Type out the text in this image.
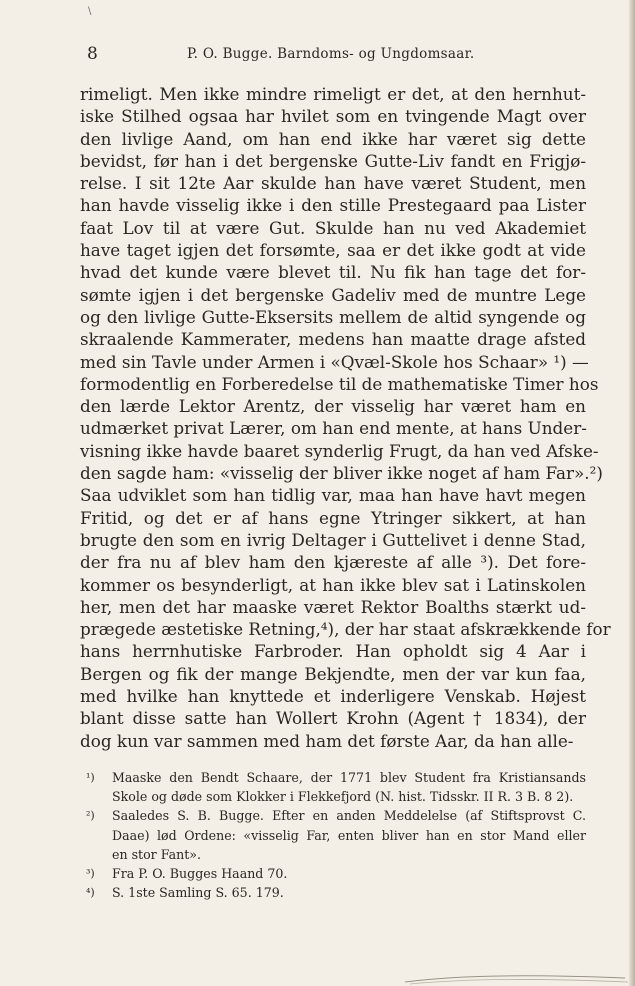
\
8	P. O. Bugge. Barndoms- og Ungdomsaar.
rimeligt. Men ikke mindre rimeligt er det, at den hernhut-
iske Stilhed ogsaa har hvilet som en tvingende Magt over
den livlige Aand, om han end ikke har været sig dette
bevidst, før han i det bergenske Gutte-Liv fandt en Frigjø-
relse. I sit 12te Aar skulde han have været Student, men
han havde visselig ikke i den stille Prestegaard paa Lister
faat Lov til at være Gut. Skulde han nu ved Akademiet
have taget igjen det forsømte, saa er det ikke godt at vide
hvad det kunde være blevet til. Nu fik han tage det for-
sømte igjen i det bergenske Gadeliv med de muntre Lege
og den livlige Gutte-Eksersits mellem de altid syngende og
skraalende Kammerater, medens han maatte drage afsted
med sin Tavle under Armen i «Qvæl-Skole hos Schaar» ¹) —
formodentlig en Forberedelse til de mathematiske Timer hos
den lærde Lektor Arentz, der visselig har været ham en
udmærket privat Lærer, om han end mente, at hans Under-
visning ikke havde baaret synderlig Frugt, da han ved Afske-
den sagde ham: «visselig der bliver ikke noget af ham Far».²)
Saa udviklet som han tidlig var, maa han have havt megen
Fritid, og det er af hans egne Ytringer sikkert, at han
brugte den som en ivrig Deltager i Guttelivet i denne Stad,
der fra nu af blev ham den kjæreste af alle ³). Det fore-
kommer os besynderligt, at han ikke blev sat i Latinskolen
her, men det har maaske været Rektor Boalths stærkt ud-
prægede æstetiske Retning,⁴), der har staat afskrækkende for
hans herrnhutiske Farbroder. Han opholdt sig 4 Aar i
Bergen og fik der mange Bekjendte, men der var kun faa,
med hvilke han knyttede et inderligere Venskab. Højest
blant disse satte han Wollert Krohn (Agent † 1834), der
dog kun var sammen med ham det første Aar, da han alle-
¹) Maaske den Bendt Schaare, der 1771 blev Student fra Kristiansands
Skole og døde som Klokker i Flekkefjord (N. hist. Tidsskr. II R. 3 B. 8 2).
²) Saaledes S. B. Bugge. Efter en anden Meddelelse (af Stiftsprovst C.
Daae) lød Ordene: «visselig Far, enten bliver han en stor Mand eller
en stor Fant».
³) Fra P. O. Bugges Haand 70.
⁴) S. 1ste Samling S. 65. 179.
